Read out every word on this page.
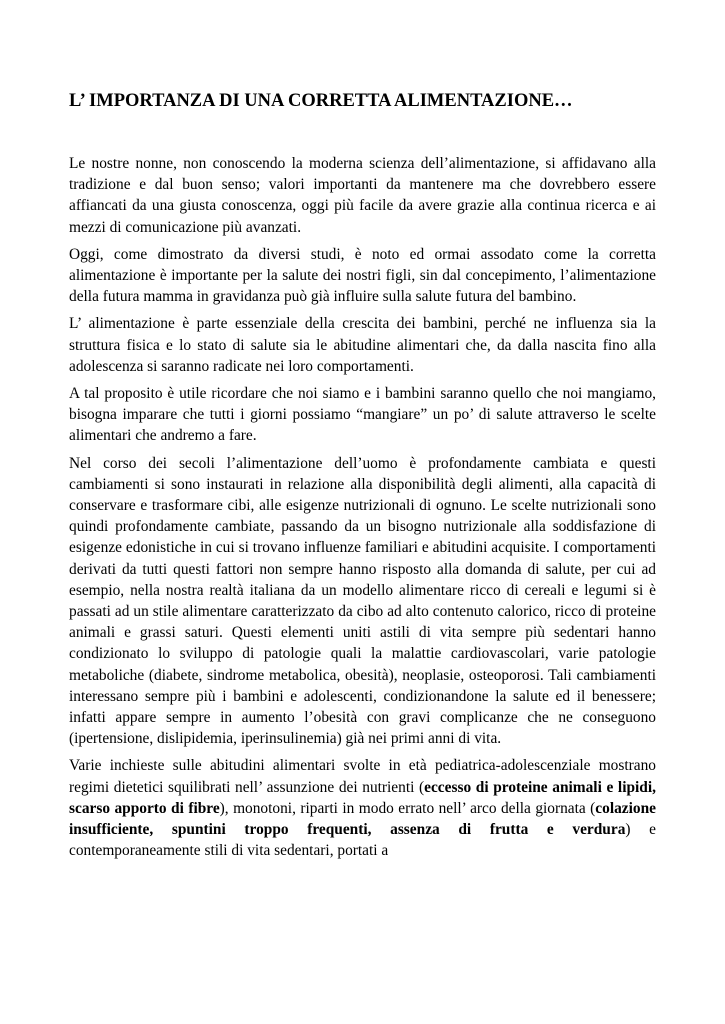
L’ IMPORTANZA DI UNA CORRETTA ALIMENTAZIONE…

Le nostre nonne, non conoscendo la moderna scienza dell’alimentazione, si affidavano alla tradizione e dal buon senso; valori importanti da mantenere ma che dovrebbero essere affiancati da una giusta conoscenza, oggi più facile da avere grazie alla continua ricerca e ai mezzi di comunicazione più avanzati.

Oggi, come dimostrato da diversi studi, è noto ed ormai assodato come la corretta alimentazione è importante per la salute dei nostri figli, sin dal concepimento, l’alimentazione della futura mamma in gravidanza può già influire sulla salute futura del bambino.

L’ alimentazione è parte essenziale della crescita dei bambini, perché ne influenza sia la struttura fisica e lo stato di salute sia le abitudine alimentari che, da dalla nascita fino alla adolescenza si saranno radicate nei loro comportamenti.

A tal proposito è utile ricordare che noi siamo e i bambini saranno quello che noi mangiamo, bisogna imparare che tutti i giorni possiamo “mangiare” un po’ di salute attraverso le scelte alimentari che andremo a fare.

Nel corso dei secoli l’alimentazione dell’uomo è profondamente cambiata e questi cambiamenti si sono instaurati in relazione alla disponibilità degli alimenti, alla capacità di conservare e trasformare cibi, alle esigenze nutrizionali di ognuno. Le scelte nutrizionali sono quindi profondamente cambiate, passando da un bisogno nutrizionale alla soddisfazione di esigenze edonistiche in cui si trovano influenze familiari e abitudini acquisite. I comportamenti derivati da tutti questi fattori non sempre hanno risposto alla domanda di salute, per cui ad esempio, nella nostra realtà italiana da un modello alimentare ricco di cereali e legumi si è passati ad un stile alimentare caratterizzato da cibo ad alto contenuto calorico, ricco di proteine animali e grassi saturi. Questi elementi uniti astili di vita sempre più sedentari hanno condizionato lo sviluppo di patologie quali la malattie cardiovascolari, varie patologie metaboliche (diabete, sindrome metabolica, obesità), neoplasie, osteoporosi. Tali cambiamenti interessano sempre più i bambini e adolescenti, condizionandone la salute ed il benessere; infatti appare sempre in aumento l’obesità con gravi complicanze che ne conseguono (ipertensione, dislipidemia, iperinsulinemia) già nei primi anni di vita.

Varie inchieste sulle abitudini alimentari svolte in età pediatrica-adolescenziale mostrano regimi dietetici squilibrati nell’ assunzione dei nutrienti (eccesso di proteine animali e lipidi, scarso apporto di fibre), monotoni, riparti in modo errato nell’ arco della giornata (colazione insufficiente, spuntini troppo frequenti, assenza di frutta e verdura) e contemporaneamente stili di vita sedentari, portati a
